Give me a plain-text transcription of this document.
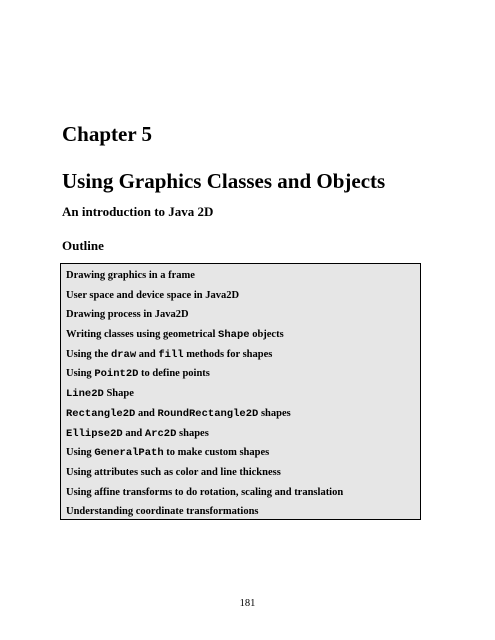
Chapter 5
Using Graphics Classes and Objects
An introduction to Java 2D
Outline
Drawing graphics in a frame
User space and device space in Java2D
Drawing process in Java2D
Writing classes using geometrical Shape objects
Using the draw and fill methods for shapes
Using Point2D to define points
Line2D Shape
Rectangle2D and RoundRectangle2D shapes
Ellipse2D and Arc2D shapes
Using GeneralPath to make custom shapes
Using attributes such as color and line thickness
Using affine transforms to do rotation, scaling and translation
Understanding coordinate transformations
181
